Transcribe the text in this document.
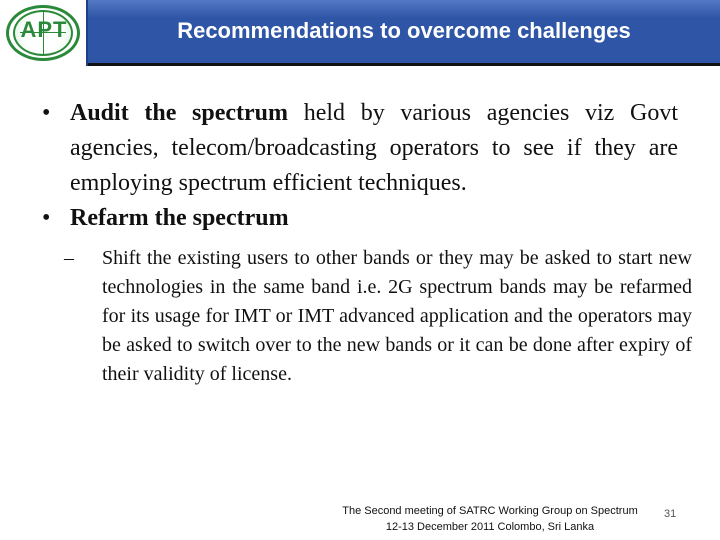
APT	Recommendations to overcome challenges

• Audit the spectrum held by various agencies viz Govt agencies, telecom/broadcasting operators to see if they are employing spectrum efficient techniques.

• Refarm the spectrum

– Shift the existing users to other bands or they may be asked to start new technologies in the same band i.e. 2G spectrum bands may be refarmed for its usage for IMT or IMT advanced application and the operators may be asked to switch over to the new bands or it can be done after expiry of their validity of license.

The Second meeting of SATRC Working Group on Spectrum
12-13 December 2011 Colombo, Sri Lanka
31
